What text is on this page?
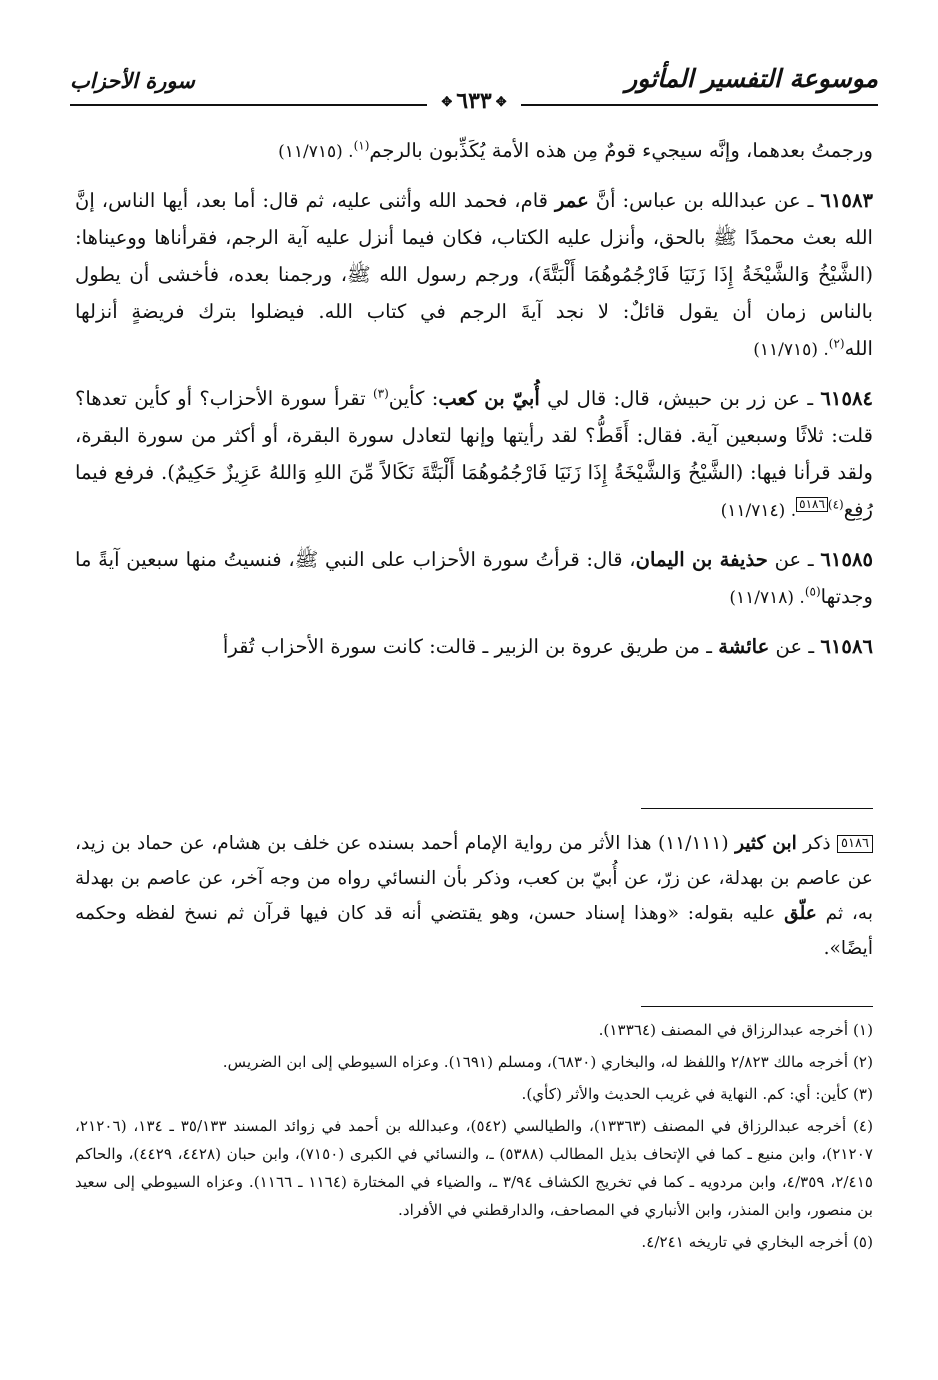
موسوعة التفسير المأثور
سورة الأحزاب
✥٦٣٣✥

ورجمتُ بعدهما، وإنَّه سيجيء قومٌ مِن هذه الأمة يُكَذِّبون بالرجم$^{(١)}$. (١١/٧١٥)

٦١٥٨٣ ـ عن عبدالله بن عباس: أنَّ عمر قام، فحمد الله وأثنى عليه، ثم قال: أما بعد، أيها الناس، إنَّ الله بعث محمدًا ﷺ بالحق، وأنزل عليه الكتاب، فكان فيما أنزل عليه آية الرجم، فقرأناها ووعيناها: (الشَّيْخُ وَالشَّيْخَةُ إِذَا زَنَيَا فَارْجُمُوهُمَا أَلْبَتَّةَ)، ورجم رسول الله ﷺ، ورجمنا بعده، فأخشى أن يطول بالناس زمان أن يقول قائلٌ: لا نجد آيةَ الرجم في كتاب الله. فيضلوا بترك فريضةٍ أنزلها الله$^{(٢)}$. (١١/٧١٥)

٦١٥٨٤ ـ عن زر بن حبيش، قال: قال لي أُبيّ بن كعب: كأين$^{(٣)}$ تقرأ سورة الأحزاب؟ أو كأين تعدها؟ قلت: ثلاثًا وسبعين آية. فقال: أَقَطُّ؟ لقد رأيتها وإنها لتعادل سورة البقرة، أو أكثر من سورة البقرة، ولقد قرأنا فيها: (الشَّيْخُ وَالشَّيْخَةُ إِذَا زَنَيَا فَارْجُمُوهُمَا أَلْبَتَّةَ نَكَالاً مِّنَ اللهِ وَاللهُ عَزِيزٌ حَكِيمٌ). فرفع فيما رُفِع$^{(٤)}$٥١٨٦. (١١/٧١٤)

٦١٥٨٥ ـ عن حذيفة بن اليمان، قال: قرأتُ سورة الأحزاب على النبي ﷺ، فنسيتُ منها سبعين آيةً ما وجدتها$^{(٥)}$. (١١/٧١٨)

٦١٥٨٦ ـ عن عائشة ـ من طريق عروة بن الزبير ـ قالت: كانت سورة الأحزاب تُقرأ

٥١٨٦ ذكر ابن كثير (١١/١١١) هذا الأثر من رواية الإمام أحمد بسنده عن خلف بن هشام، عن حماد بن زيد، عن عاصم بن بهدلة، عن زرّ، عن أُبيّ بن كعب، وذكر بأن النسائي رواه من وجه آخر، عن عاصم بن بهدلة به، ثم علّق عليه بقوله: «وهذا إسناد حسن، وهو يقتضي أنه قد كان فيها قرآن ثم نسخ لفظه وحكمه أيضًا».

(١) أخرجه عبدالرزاق في المصنف (١٣٣٦٤).

(٢) أخرجه مالك ٢/٨٢٣ واللفظ له، والبخاري (٦٨٣٠)، ومسلم (١٦٩١). وعزاه السيوطي إلى ابن الضريس.

(٣) كأين: أي: كم. النهاية في غريب الحديث والأثر (كأي).

(٤) أخرجه عبدالرزاق في المصنف (١٣٣٦٣)، والطيالسي (٥٤٢)، وعبدالله بن أحمد في زوائد المسند ٣٥/١٣٣ ـ ١٣٤، (٢١٢٠٦، ٢١٢٠٧)، وابن منيع ـ كما في الإتحاف بذيل المطالب (٥٣٨٨) ـ، والنسائي في الكبرى (٧١٥٠)، وابن حبان (٤٤٢٨، ٤٤٢٩)، والحاكم ٢/٤١٥، ٤/٣٥٩، وابن مردويه ـ كما في تخريج الكشاف ٣/٩٤ ـ، والضياء في المختارة (١١٦٤ ـ ١١٦٦). وعزاه السيوطي إلى سعيد بن منصور، وابن المنذر، وابن الأنباري في المصاحف، والدارقطني في الأفراد.

(٥) أخرجه البخاري في تاريخه ٤/٢٤١.
